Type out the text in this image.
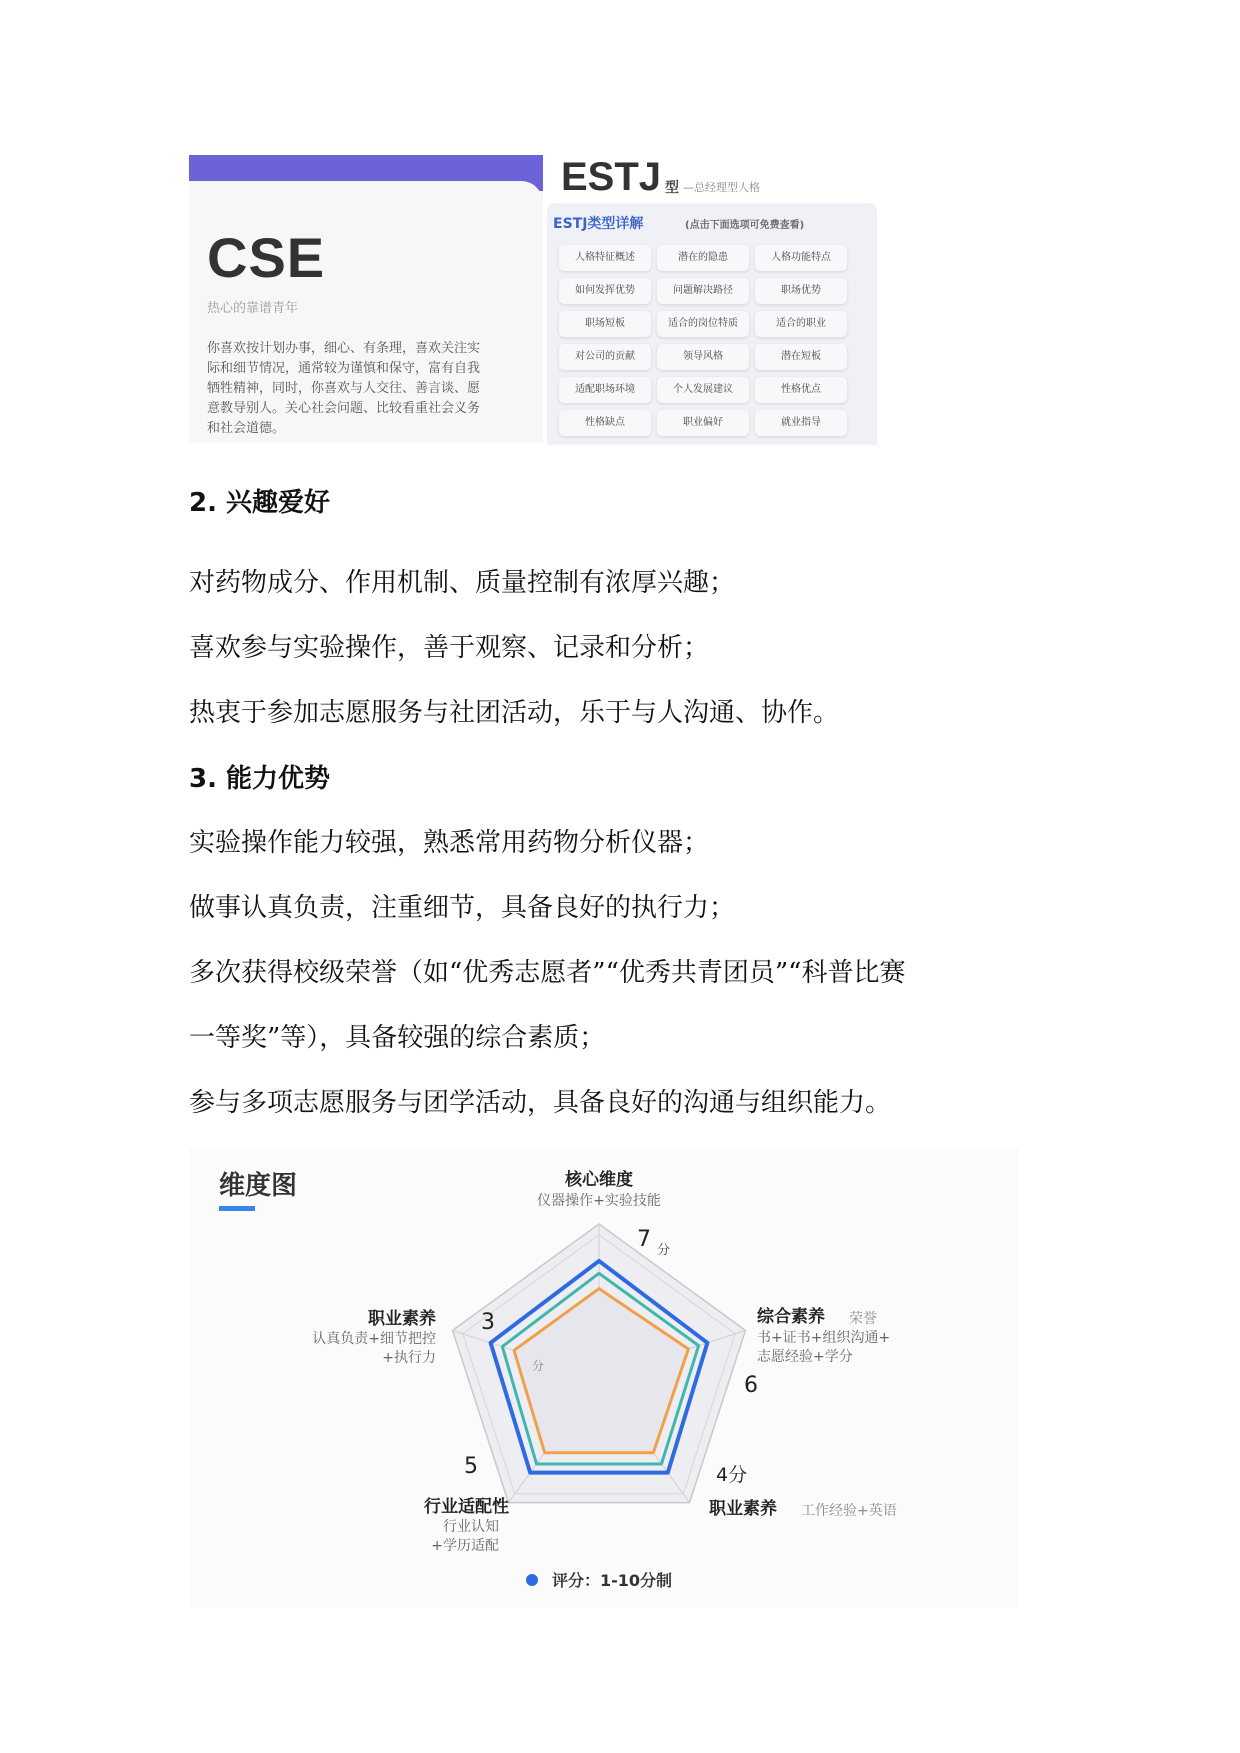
CSE
热心的靠谱青年
你喜欢按计划办事，细心、有条理，喜欢关注实
际和细节情况，通常较为谨慎和保守，富有自我
牺牲精神，同时，你喜欢与人交往、善言谈、愿
意教导别人。关心社会问题、比较看重社会义务
和社会道德。
ESTJ 型 —总经理型人格
ESTJ类型详解	(点击下面选项可免费查看)
人格特征概述	潜在的隐患	人格功能特点
如何发挥优势	问题解决路径	职场优势
职场短板	适合的岗位特质	适合的职业
对公司的贡献	领导风格	潜在短板
适配职场环境	个人发展建议	性格优点
性格缺点	职业偏好	就业指导
2. 兴趣爱好
对药物成分、作用机制、质量控制有浓厚兴趣；
喜欢参与实验操作，善于观察、记录和分析；
热衷于参加志愿服务与社团活动，乐于与人沟通、协作。
3. 能力优势
实验操作能力较强，熟悉常用药物分析仪器；
做事认真负责，注重细节，具备良好的执行力；
多次获得校级荣誉（如“优秀志愿者”“优秀共青团员”“科普比赛
一等奖”等），具备较强的综合素质；
参与多项志愿服务与团学活动，具备良好的沟通与组织能力。
维度图	核心维度
仪器操作+实验技能
7 分
综合素养 荣誉
书+证书+组织沟通+
志愿经验+学分
6
4分
职业素养 工作经验+英语
5
行业适配性
行业认知
+学历适配
3
职业素养
认真负责+细节把控
+执行力	分
评分：1-10分制
